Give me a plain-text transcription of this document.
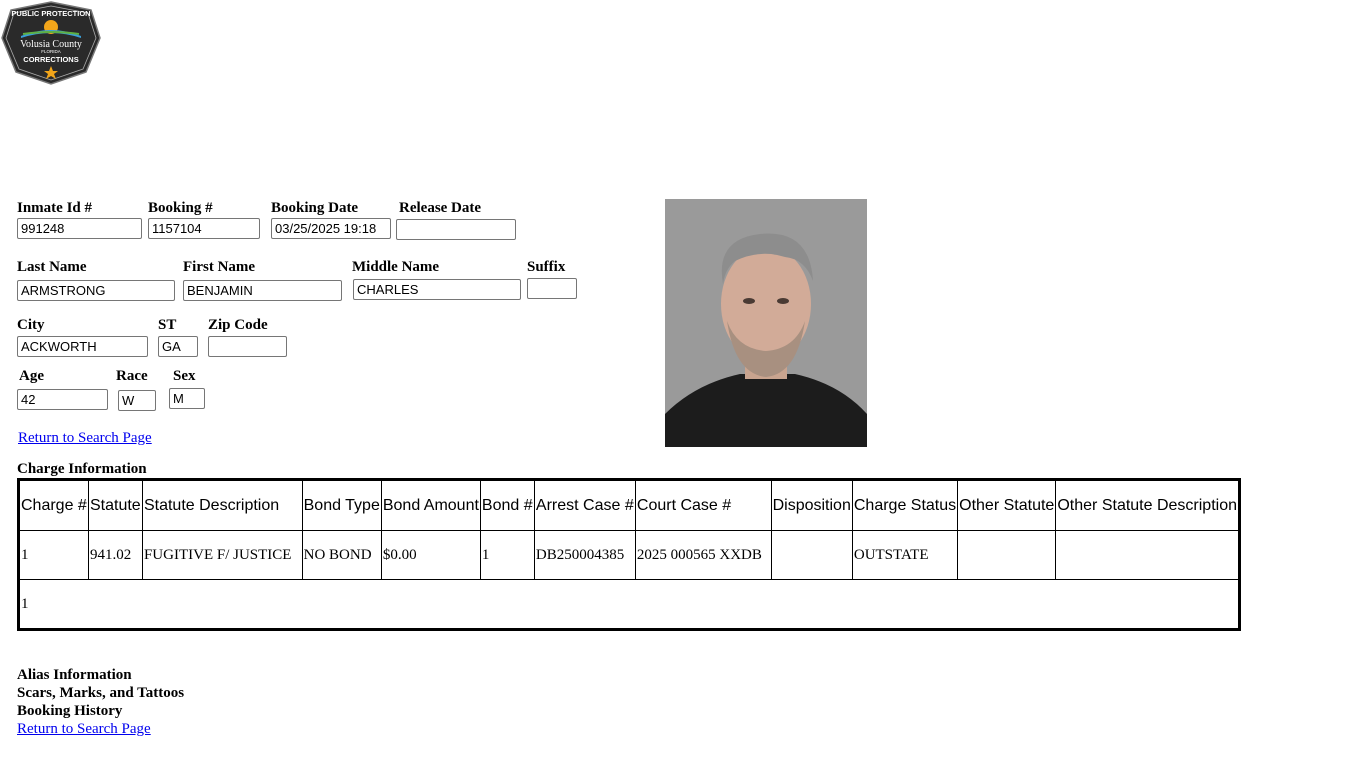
PUBLIC PROTECTION
Volusia County
FLORIDA
CORRECTIONS
Inmate Id #	Booking #	Booking Date	Release Date
991248	1157104	03/25/2025 19:18
Last Name	First Name	Middle Name	Suffix
ARMSTRONG	BENJAMIN	CHARLES
City	ST Zip Code
ACKWORTH	GA
Age	Race Sex
42	W	M
Return to Search Page
Charge Information
Charge #	Statute	Statute Description	Bond Type	Bond Amount	Bond #	Arrest Case #	Court Case #	Disposition	Charge Status	Other Statute	Other Statute Description
1	941.02	FUGITIVE F/ JUSTICE	NO BOND	$0.00	1	DB250004385	2025 000565 XXDB		OUTSTATE		
1											
Alias Information
Scars, Marks, and Tattoos
Booking History
Return to Search Page
